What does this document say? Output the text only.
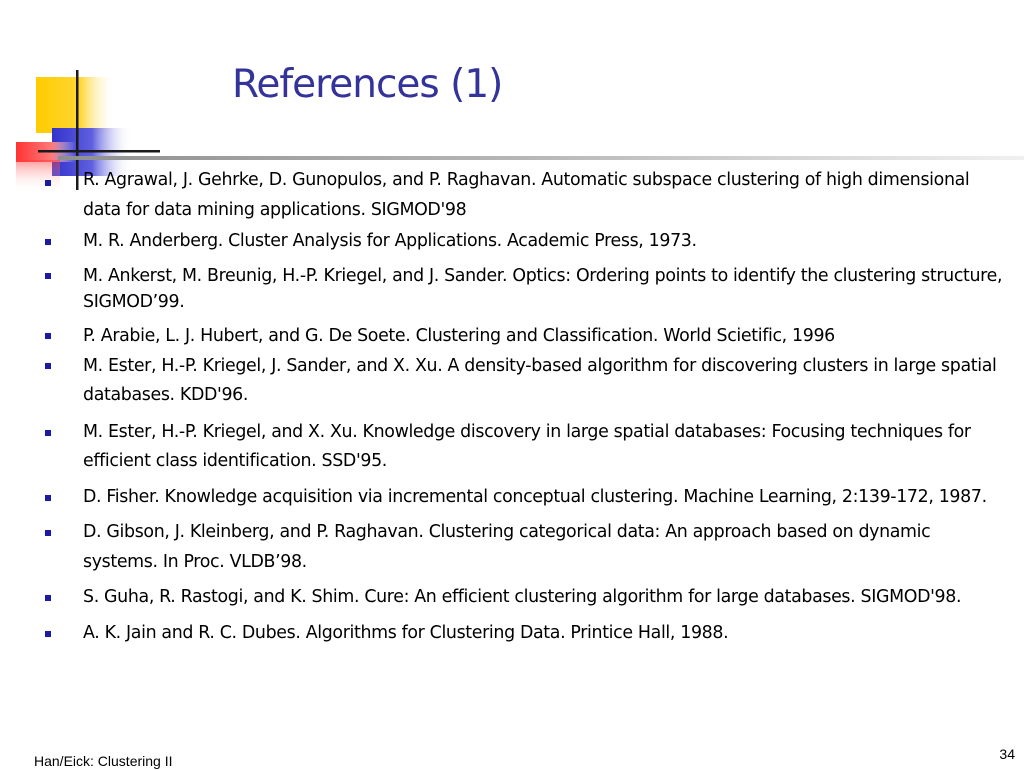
References (1)
R. Agrawal, J. Gehrke, D. Gunopulos, and P. Raghavan. Automatic subspace clustering of high dimensional data for data mining applications. SIGMOD'98
M. R. Anderberg. Cluster Analysis for Applications. Academic Press, 1973.
M. Ankerst, M. Breunig, H.-P. Kriegel, and J. Sander. Optics: Ordering points to identify the clustering structure, SIGMOD’99.
P. Arabie, L. J. Hubert, and G. De Soete. Clustering and Classification. World Scietific, 1996
M. Ester, H.-P. Kriegel, J. Sander, and X. Xu. A density-based algorithm for discovering clusters in large spatial databases. KDD'96.
M. Ester, H.-P. Kriegel, and X. Xu. Knowledge discovery in large spatial databases: Focusing techniques for efficient class identification. SSD'95.
D. Fisher. Knowledge acquisition via incremental conceptual clustering. Machine Learning, 2:139-172, 1987.
D. Gibson, J. Kleinberg, and P. Raghavan. Clustering categorical data: An approach based on dynamic systems. In Proc. VLDB’98.
S. Guha, R. Rastogi, and K. Shim. Cure: An efficient clustering algorithm for large databases. SIGMOD'98.
A. K. Jain and R. C. Dubes. Algorithms for Clustering Data. Printice Hall, 1988.
Han/Eick: Clustering II	34
